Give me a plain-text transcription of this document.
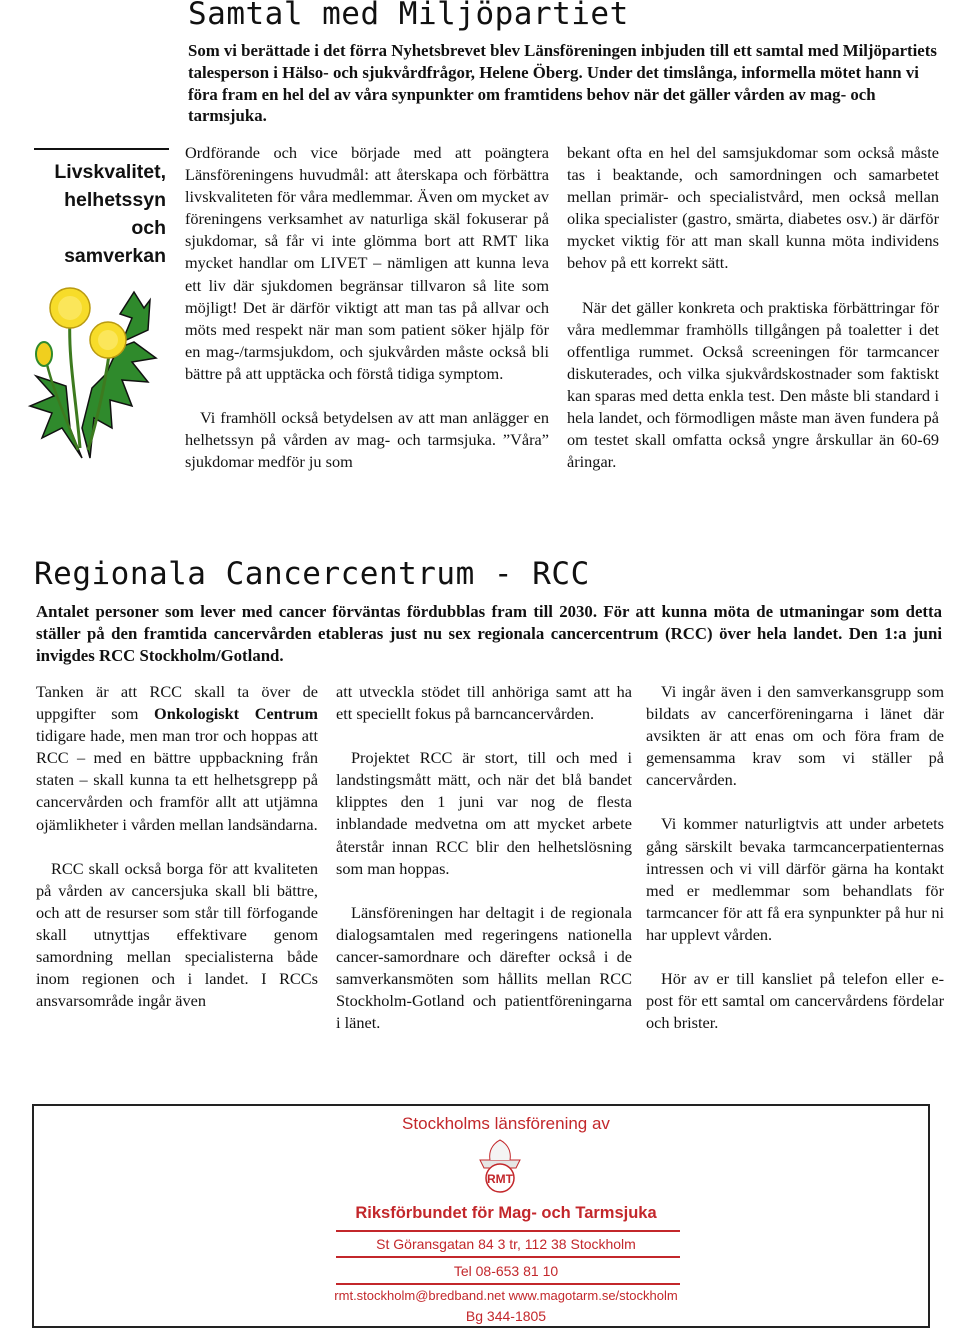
Samtal med Miljöpartiet
Som vi berättade i det förra Nyhetsbrevet blev Länsföreningen inbjuden till ett samtal med Miljöpartiets talesperson i Hälso- och sjukvårdfrågor, Helene Öberg. Under det timslånga, informella mötet hann vi föra fram en hel del av våra synpunkter om framtidens behov när det gäller vården av mag- och tarmsjuka.
Livskvalitet,
helhetssyn
och
samverkan

Ordförande och vice började med att poängtera Länsföreningens huvudmål: att återskapa och förbättra livskvaliteten för våra medlemmar. Även om mycket av föreningens verksamhet av naturliga skäl fokuserar på sjukdomar, så får vi inte glömma bort att RMT lika mycket handlar om LIVET – nämligen att kunna leva ett liv där sjukdomen begränsar tillvaron så lite som möjligt! Det är därför viktigt att man tas på allvar och möts med respekt när man som patient söker hjälp för en mag-/tarmsjukdom, och sjukvården måste också bli bättre på att upptäcka och förstå tidiga symptom.

Vi framhöll också betydelsen av att man anlägger en helhetssyn på vården av mag- och tarmsjuka. ”Våra” sjukdomar medför ju som

bekant ofta en hel del samsjukdomar som också måste tas i beaktande, och samordningen och samarbetet mellan primär- och specialistvård, men också mellan olika specialister (gastro, smärta, diabetes osv.) är därför mycket viktig för att man skall kunna möta individens behov på ett korrekt sätt.

När det gäller konkreta och praktiska förbättringar för våra medlemmar framhölls tillgången på toaletter i det offentliga rummet. Också screeningen för tarmcancer diskuterades, och vilka sjukvårdskostnader som faktiskt kan sparas med detta enkla test. Den måste bli standard i hela landet, och förmodligen måste man även fundera på om testet skall omfatta också yngre årskullar än 60-69 åringar.

Regionala Cancercentrum - RCC
Antalet personer som lever med cancer förväntas fördubblas fram till 2030. För att kunna möta de utmaningar som detta ställer på den framtida cancervården etableras just nu sex regionala cancercentrum (RCC) över hela landet. Den 1:a juni invigdes RCC Stockholm/Gotland.

Tanken är att RCC skall ta över de uppgifter som Onkologiskt Centrum tidigare hade, men man tror och hoppas att RCC – med en bättre uppbackning från staten – skall kunna ta ett helhetsgrepp på cancervården och framför allt att utjämna ojämlikheter i vården mellan landsändarna.

RCC skall också borga för att kvaliteten på vården av cancersjuka skall bli bättre, och att de resurser som står till förfogande skall utnyttjas effektivare genom samordning mellan specialisterna både inom regionen och i landet. I RCCs ansvarsområde ingår även

att utveckla stödet till anhöriga samt att ha ett speciellt fokus på barncancervården.

Projektet RCC är stort, till och med i landstingsmått mätt, och när det blå bandet klipptes den 1 juni var nog de flesta inblandade medvetna om att mycket arbete återstår innan RCC blir den helhetslösning som man hoppas.

Länsföreningen har deltagit i de regionala dialogsamtalen med regeringens nationella cancer-samordnare och därefter också i de samverkansmöten som hållits mellan RCC Stockholm-Gotland och patientföreningarna i länet.

Vi ingår även i den samverkansgrupp som bildats av cancerföreningarna i länet där avsikten är att enas om och föra fram de gemensamma krav som vi ställer på cancervården.

Vi kommer naturligtvis att under arbetets gång särskilt bevaka tarmcancerpatienternas intressen och vi vill därför gärna ha kontakt med er medlemmar som behandlats för tarmcancer för att få era synpunkter på hur ni har upplevt vården.

Hör av er till kansliet på telefon eller e-post för ett samtal om cancervårdens fördelar och brister.

Stockholms länsförening av
RMT
Riksförbundet för Mag- och Tarmsjuka
St Göransgatan 84 3 tr, 112 38 Stockholm
Tel 08-653 81 10
rmt.stockholm@bredband.net www.magotarm.se/stockholm
Bg 344-1805
